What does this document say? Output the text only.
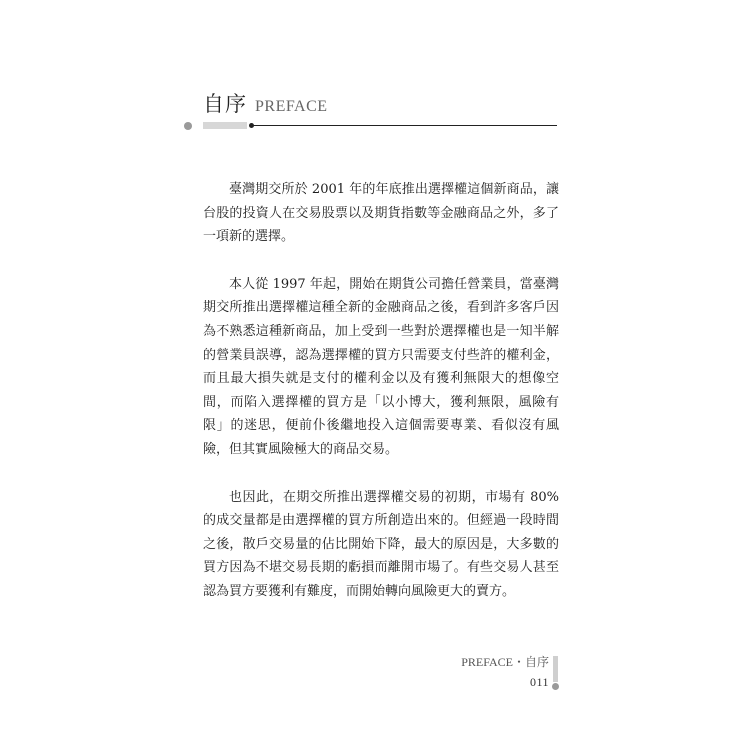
自序 PREFACE

臺灣期交所於 2001 年的年底推出選擇權這個新商品，讓台股的投資人在交易股票以及期貨指數等金融商品之外，多了一項新的選擇。

本人從 1997 年起，開始在期貨公司擔任營業員，當臺灣期交所推出選擇權這種全新的金融商品之後，看到許多客戶因為不熟悉這種新商品，加上受到一些對於選擇權也是一知半解的營業員誤導，認為選擇權的買方只需要支付些許的權利金，而且最大損失就是支付的權利金以及有獲利無限大的想像空間，而陷入選擇權的買方是「以小博大，獲利無限，風險有限」的迷思，便前仆後繼地投入這個需要專業、看似沒有風險，但其實風險極大的商品交易。

也因此，在期交所推出選擇權交易的初期，市場有 80% 的成交量都是由選擇權的買方所創造出來的。但經過一段時間之後，散戶交易量的佔比開始下降，最大的原因是，大多數的買方因為不堪交易長期的虧損而離開市場了。有些交易人甚至認為買方要獲利有難度，而開始轉向風險更大的賣方。

PREFACE・自序
011
